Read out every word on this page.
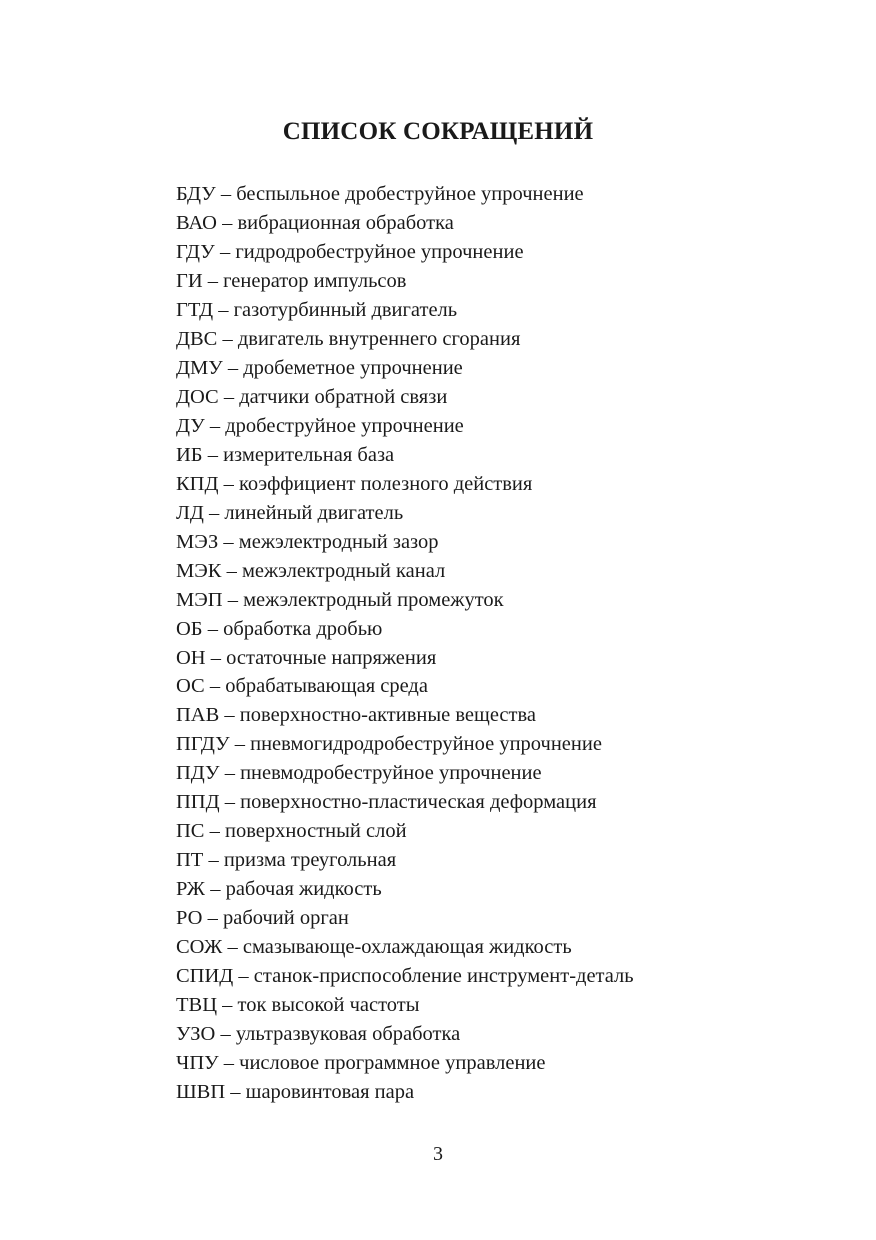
СПИСОК СОКРАЩЕНИЙ
БДУ – беспыльное дробеструйное упрочнение
ВАО – вибрационная обработка
ГДУ – гидродробеструйное упрочнение
ГИ – генератор импульсов
ГТД – газотурбинный двигатель
ДВС – двигатель внутреннего сгорания
ДМУ – дробеметное упрочнение
ДОС – датчики обратной связи
ДУ – дробеструйное упрочнение
ИБ – измерительная база
КПД – коэффициент полезного действия
ЛД – линейный двигатель
МЭЗ – межэлектродный зазор
МЭК – межэлектродный канал
МЭП – межэлектродный промежуток
ОБ – обработка дробью
ОН – остаточные напряжения
ОС – обрабатывающая среда
ПАВ – поверхностно-активные вещества
ПГДУ – пневмогидродробеструйное упрочнение
ПДУ – пневмодробеструйное упрочнение
ППД – поверхностно-пластическая деформация
ПС – поверхностный слой
ПТ – призма треугольная
РЖ – рабочая жидкость
РО – рабочий орган
СОЖ – смазывающе-охлаждающая жидкость
СПИД – станок-приспособление инструмент-деталь
ТВЦ – ток высокой частоты
УЗО – ультразвуковая обработка
ЧПУ – числовое программное управление
ШВП – шаровинтовая пара
3
